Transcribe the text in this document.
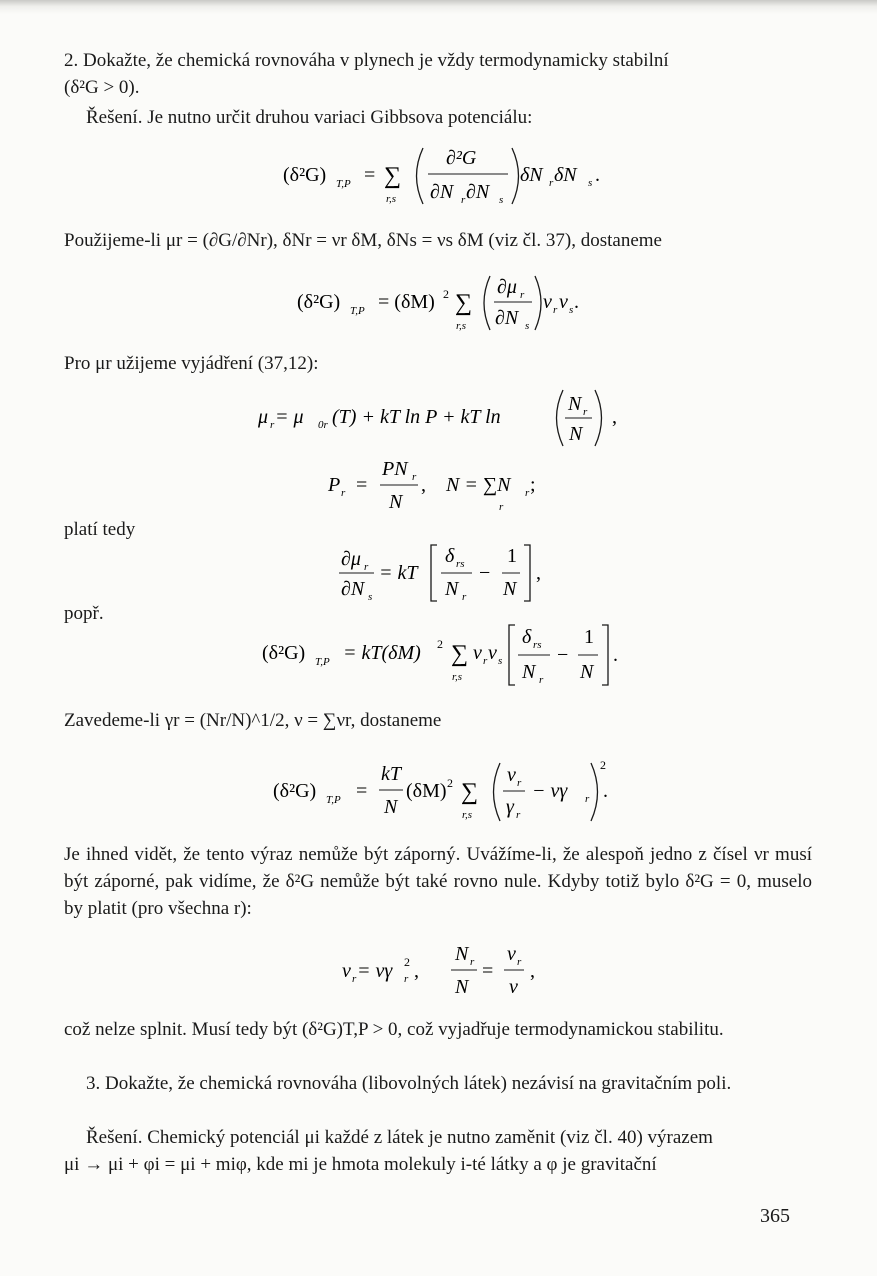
2. Dokažte, že chemická rovnováha v plynech je vždy termodynamicky stabilní

(δ²G > 0).

Řešení. Je nutno určit druhou variaci Gibbsova potenciálu:

(δ²G) T,P = ∑
r,s
∂²G
∂N r ∂N s
δN r δN s .

Použijeme-li μr = (∂G/∂Nr), δNr = νr δM, δNs = νs δM (viz čl. 37), dostaneme

(δ²G) T,P = (δM) 2 ∑
r,s
∂μ r
∂N s
ν r ν s .

Pro μr užijeme vyjádření (37,12):

μ r = μ 0r (T) + kT ln P + kT ln
N r
N
,
P r =
PN r
N
, N = ∑N r ;
r
platí tedy
∂μ r
∂N s
= kT
δ rs
N r
−
1
N
,
popř.
(δ²G) T,P = kT(δM) 2 ∑
r,s
ν r ν s
δ rs
N r
−
1
N
.

Zavedeme-li γr = (Nr/N)^1/2, ν = ∑νr, dostaneme

(δ²G) T,P =
kT
N
(δM) 2 ∑
r,s
ν r
γ r
− νγ r
2
.

Je ihned vidět, že tento výraz nemůže být záporný. Uvážíme-li, že alespoň jedno z čísel νr musí být záporné, pak vidíme, že δ²G nemůže být také rovno nule. Kdyby totiž bylo δ²G = 0, muselo by platit (pro všechna r):

ν r = νγ r
2 ,
N r
N
=
ν r
ν
,

což nelze splnit. Musí tedy být (δ²G)T,P > 0, což vyjadřuje termodynamickou stabilitu.

3. Dokažte, že chemická rovnováha (libovolných látek) nezávisí na gravitačním poli.

Řešení. Chemický potenciál μi každé z látek je nutno zaměnit (viz čl. 40) výrazem

μi → μi + φi = μi + miφ, kde mi je hmota molekuly i-té látky a φ je gravitační

365
